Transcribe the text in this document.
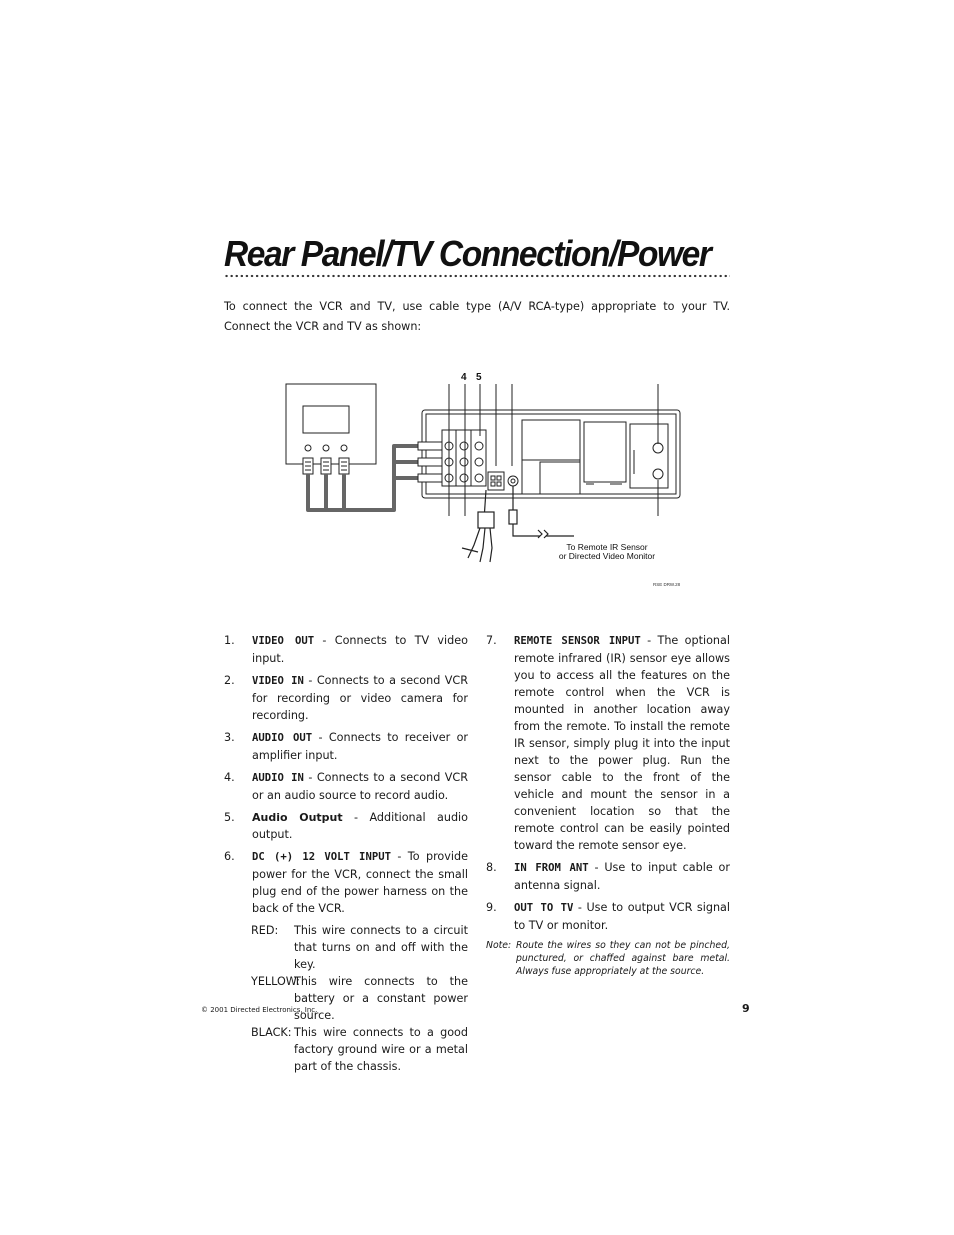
Rear Panel/TV Connection/Power
To connect the VCR and TV, use cable type (A/V RCA-type) appropriate to your TV. Connect the VCR and TV as shown:
4 5
To Remote IR Sensor
or Directed Video Monitor
RSE DRW.28
1.	VIDEO OUT - Connects to TV video input.
2.	VIDEO IN - Connects to a second VCR for recording or video camera for recording.
3.	AUDIO OUT - Connects to receiver or amplifier input.
4.	AUDIO IN - Connects to a second VCR or an audio source to record audio.
5.	Audio Output - Additional audio output.
6.	DC (+) 12 VOLT INPUT - To provide power for the VCR, connect the small plug end of the power harness on the back of the VCR.
RED:	This wire connects to a circuit that turns on and off with the key.
YELLOW:
This wire connects to the battery or a constant power source.
BLACK: This wire connects to a good factory ground wire or a metal part of the chassis.
7.	REMOTE SENSOR INPUT - The optional remote infrared (IR) sensor eye allows you to access all the features on the remote control when the VCR is mounted in another location away from the remote. To install the remote IR sensor, simply plug it into the input next to the power plug. Run the sensor cable to the front of the vehicle and mount the sensor in a convenient location so that the remote control can be easily pointed toward the remote sensor eye.
8.	IN FROM ANT - Use to input cable or antenna signal.
9.	OUT TO TV - Use to output VCR signal to TV or monitor.
Note: Route the wires so they can not be pinched, punctured, or chaffed against bare metal. Always fuse appropriately at the source.
© 2001 Directed Electronics, Inc.	9
